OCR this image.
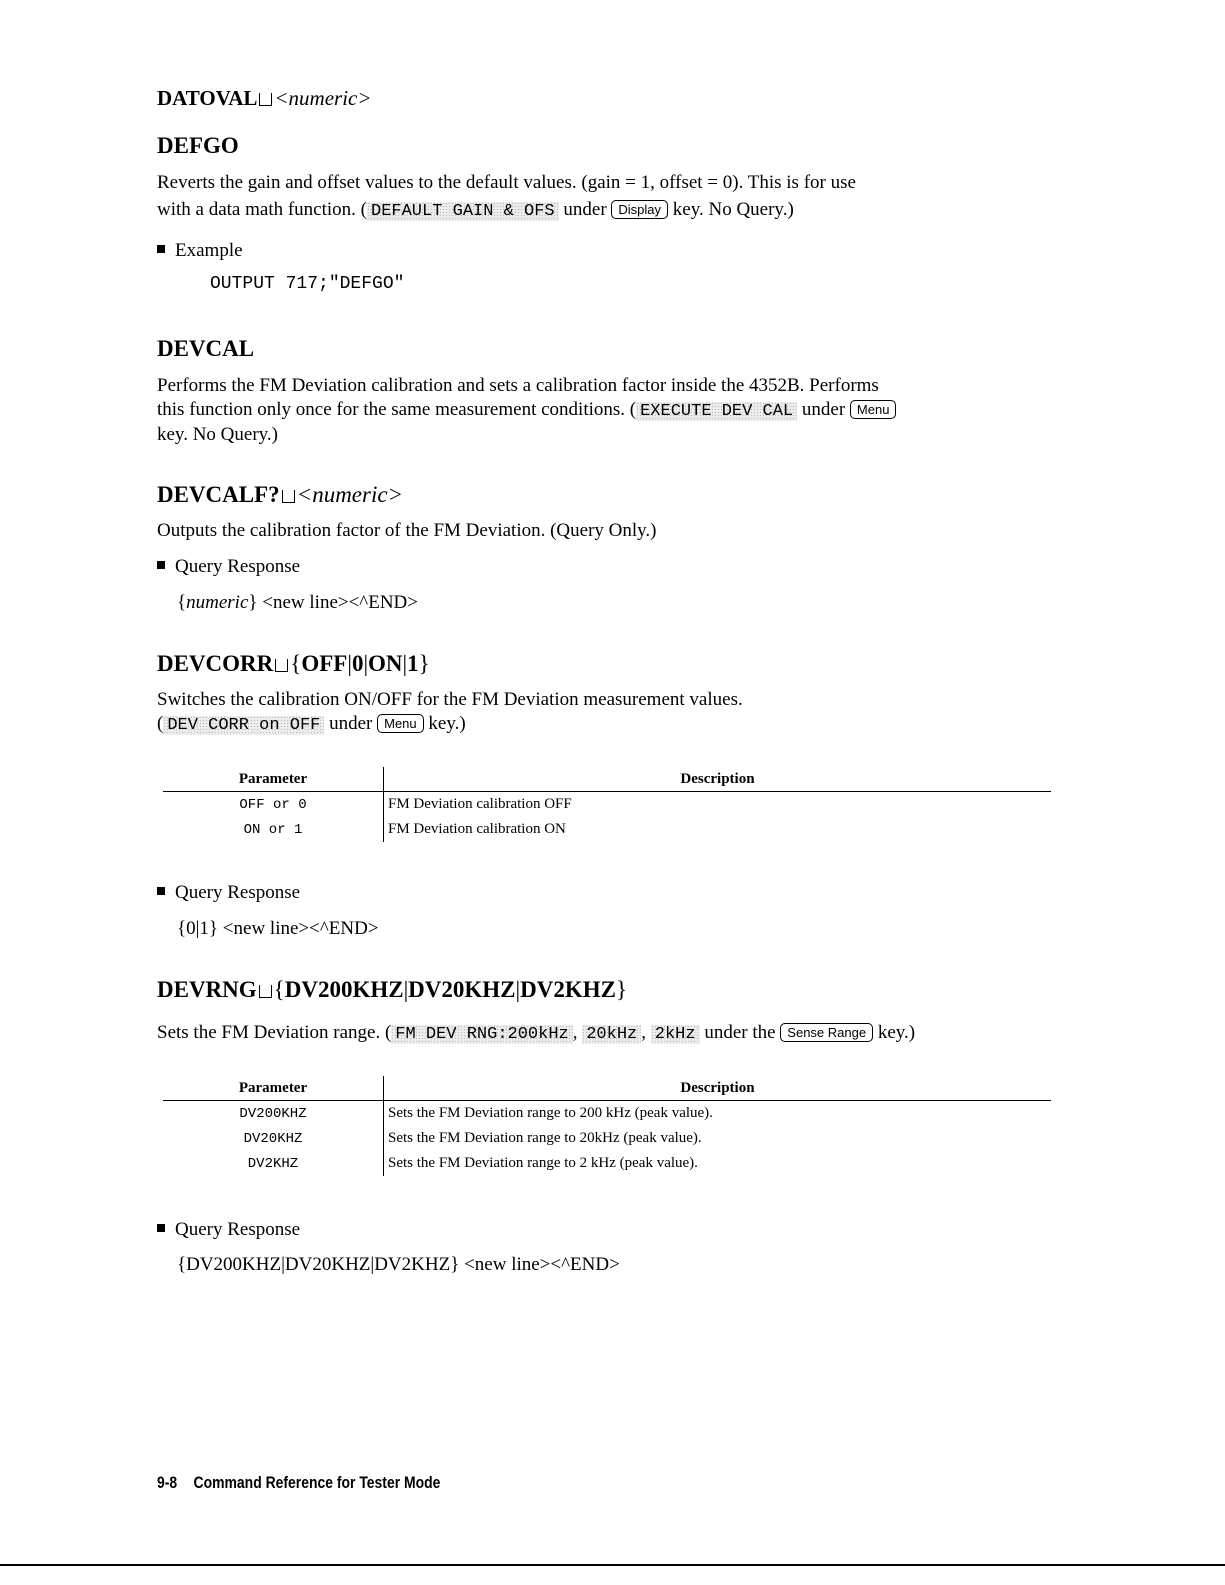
DATOVAL <numeric>
DEFGO
Reverts the gain and offset values to the default values. (gain = 1, offset = 0). This is for use
with a data math function. ( DEFAULT GAIN & OFS under Display key. No Query.)
Example
OUTPUT 717;"DEFGO"
DEVCAL
Performs the FM Deviation calibration and sets a calibration factor inside the 4352B. Performs
this function only once for the same measurement conditions. ( EXECUTE DEV CAL under Menu
key. No Query.)
DEVCALF? <numeric>
Outputs the calibration factor of the FM Deviation. (Query Only.)
Query Response
{numeric} <new line><^END>
DEVCORR {OFF|0|ON|1}
Switches the calibration ON/OFF for the FM Deviation measurement values.
( DEV CORR on OFF under Menu key.)
Parameter	Description
OFF or 0	FM Deviation calibration OFF
ON or 1	FM Deviation calibration ON
Query Response
{0|1} <new line><^END>
DEVRNG {DV200KHZ|DV20KHZ|DV2KHZ}
Sets the FM Deviation range. ( FM DEV RNG:200kHz , 20kHz , 2kHz under the Sense Range key.)
Parameter	Description
DV200KHZ	Sets the FM Deviation range to 200 kHz (peak value).
DV20KHZ	Sets the FM Deviation range to 20kHz (peak value).
DV2KHZ	Sets the FM Deviation range to 2 kHz (peak value).
Query Response
{DV200KHZ|DV20KHZ|DV2KHZ} <new line><^END>
9-8 Command Reference for Tester Mode
